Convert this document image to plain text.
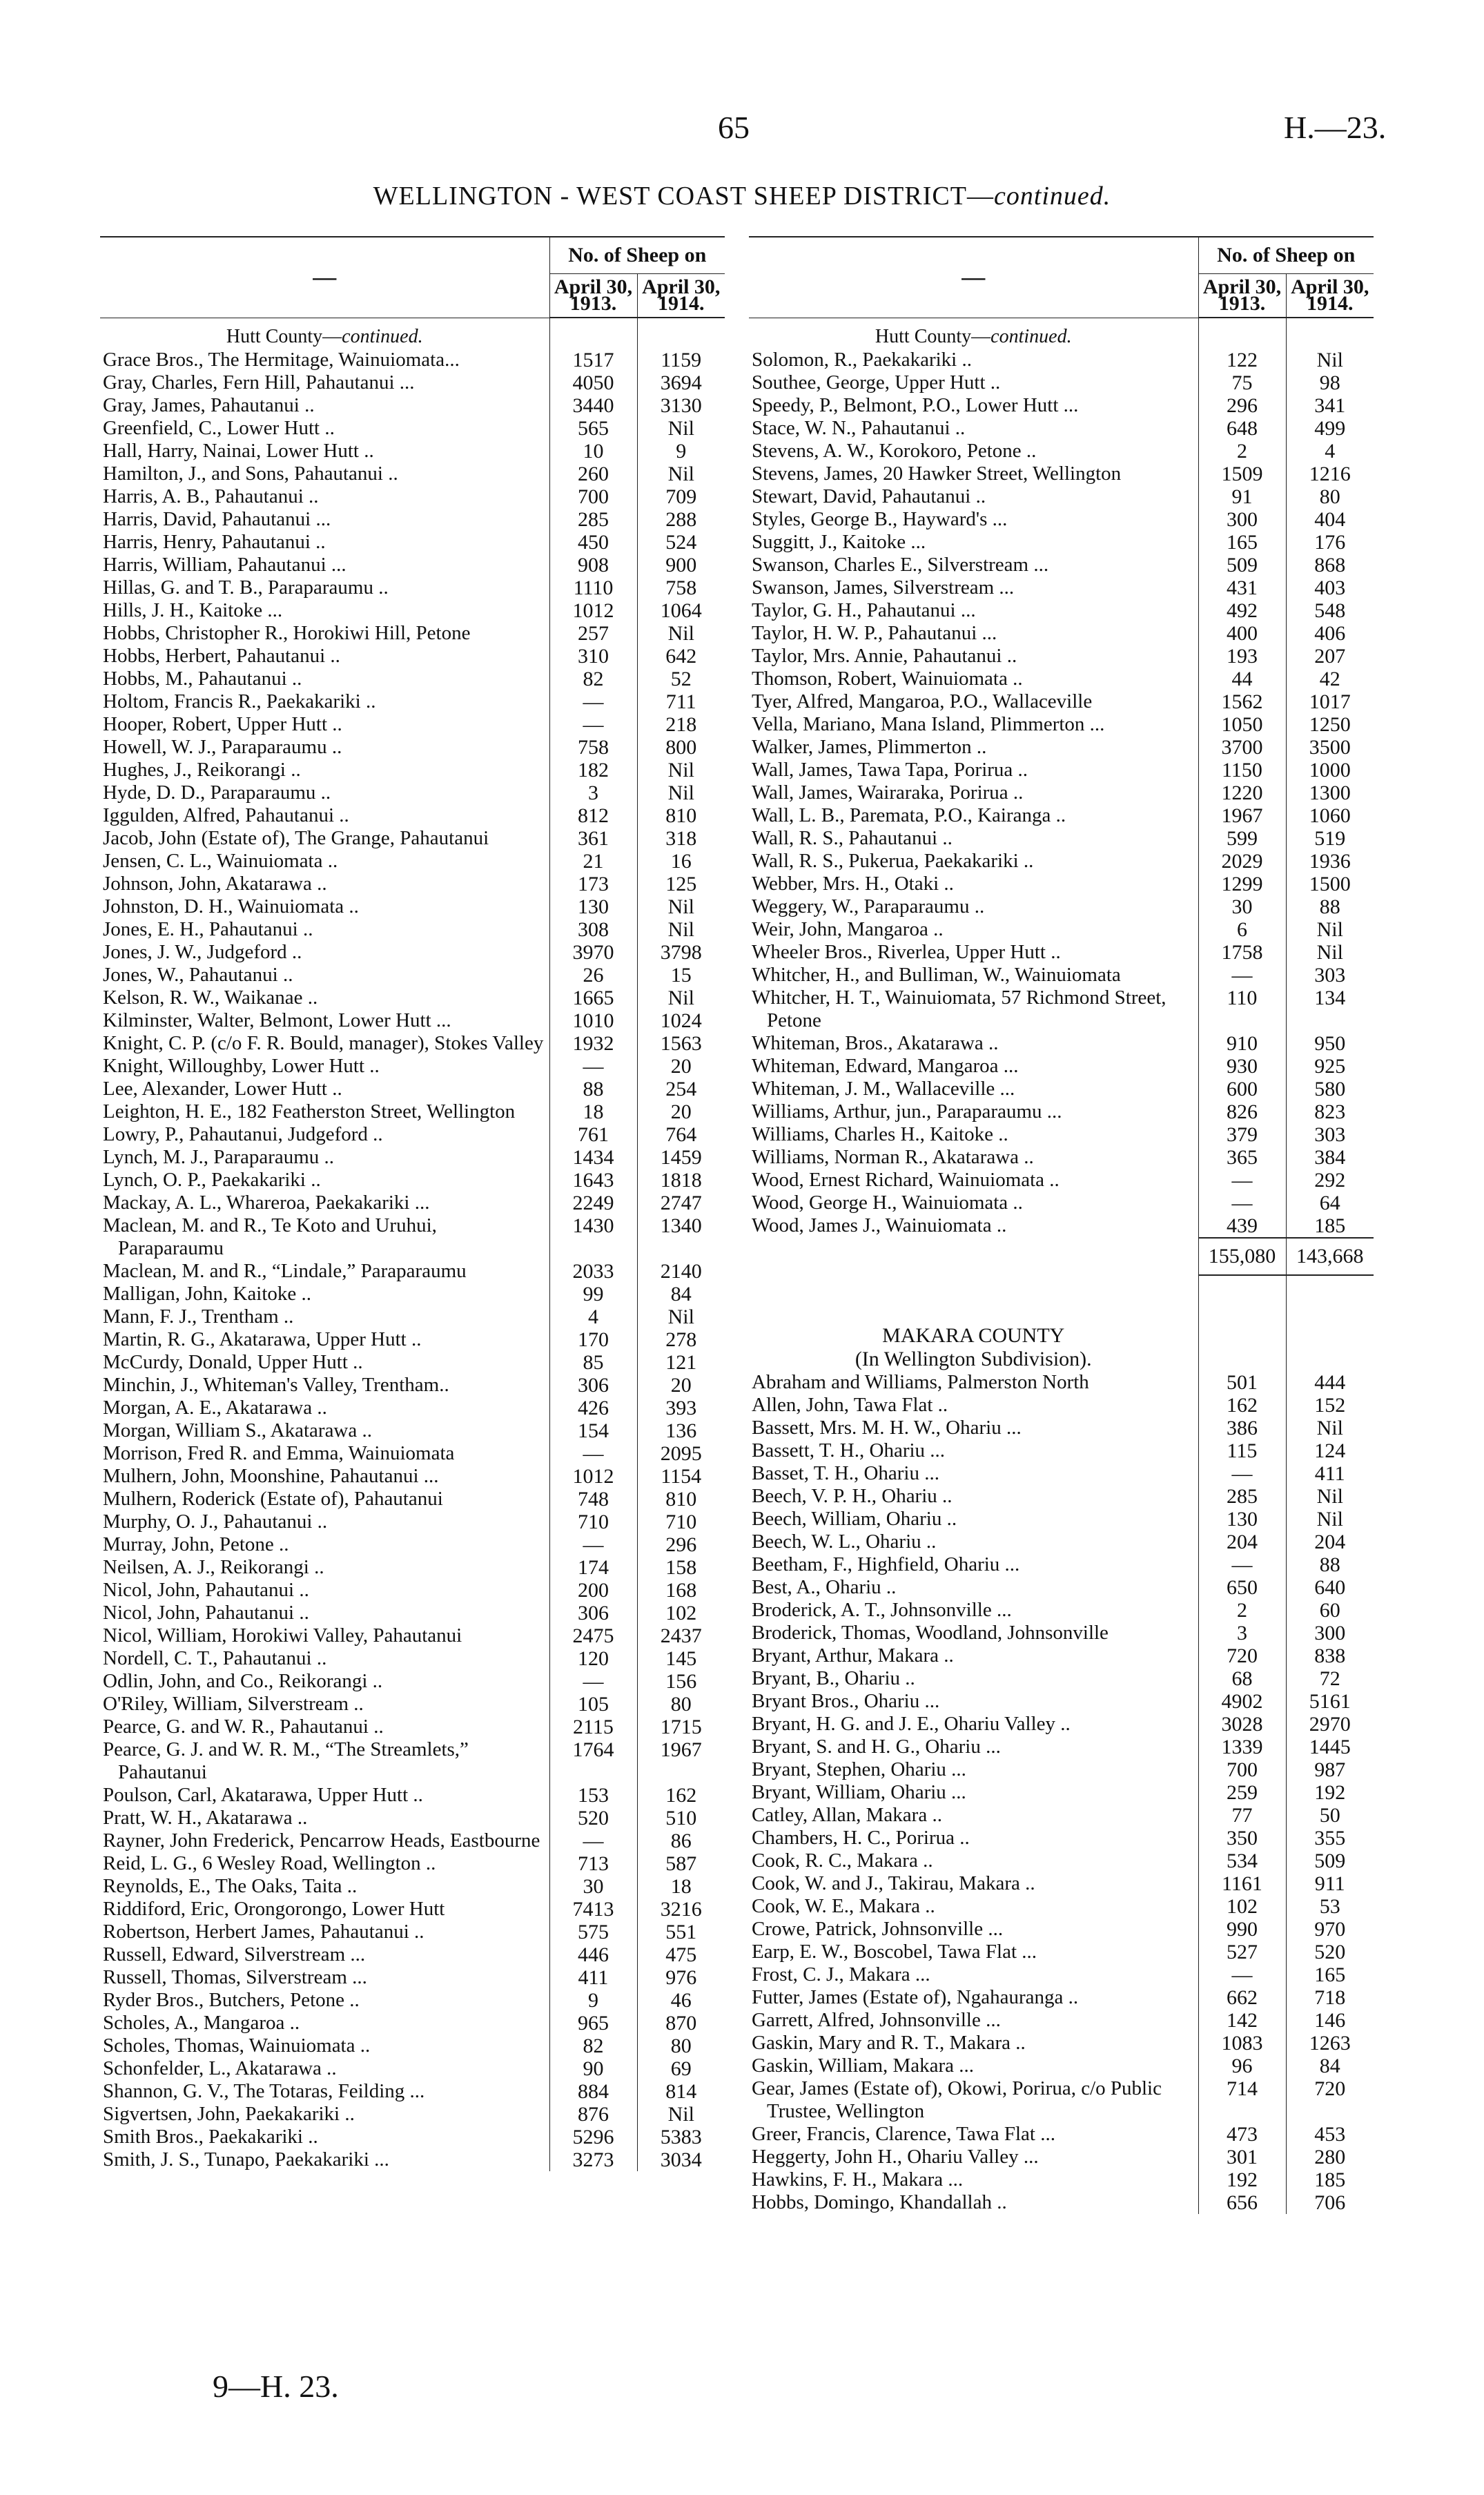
65	H.—23.
WELLINGTON - WEST COAST SHEEP DISTRICT—continued.
—	No. of Sheep on	
	April 30, 1913.	April 30, 1914.
Hutt County—continued.		
Grace Bros., The Hermitage, Wainuiomata...	1517	1159
Gray, Charles, Fern Hill, Pahautanui ...	4050	3694
Gray, James, Pahautanui ..	3440	3130
Greenfield, C., Lower Hutt ..	565	Nil
Hall, Harry, Nainai, Lower Hutt ..	10	9
Hamilton, J., and Sons, Pahautanui ..	260	Nil
Harris, A. B., Pahautanui ..	700	709
Harris, David, Pahautanui ...	285	288
Harris, Henry, Pahautanui ..	450	524
Harris, William, Pahautanui ...	908	900
Hillas, G. and T. B., Paraparaumu ..	1110	758
Hills, J. H., Kaitoke ...	1012	1064
Hobbs, Christopher R., Horokiwi Hill, Petone	257	Nil
Hobbs, Herbert, Pahautanui ..	310	642
Hobbs, M., Pahautanui ..	82	52
Holtom, Francis R., Paekakariki ..	—	711
Hooper, Robert, Upper Hutt ..	—	218
Howell, W. J., Paraparaumu ..	758	800
Hughes, J., Reikorangi ..	182	Nil
Hyde, D. D., Paraparaumu ..	3	Nil
Iggulden, Alfred, Pahautanui ..	812	810
Jacob, John (Estate of), The Grange, Pahautanui	361	318
Jensen, C. L., Wainuiomata ..	21	16
Johnson, John, Akatarawa ..	173	125
Johnston, D. H., Wainuiomata ..	130	Nil
Jones, E. H., Pahautanui ..	308	Nil
Jones, J. W., Judgeford ..	3970	3798
Jones, W., Pahautanui ..	26	15
Kelson, R. W., Waikanae ..	1665	Nil
Kilminster, Walter, Belmont, Lower Hutt ...	1010	1024
Knight, C. P. (c/o F. R. Bould, manager), Stokes Valley	1932	1563
Knight, Willoughby, Lower Hutt ..	—	20
Lee, Alexander, Lower Hutt ..	88	254
Leighton, H. E., 182 Featherston Street, Wellington	18	20
Lowry, P., Pahautanui, Judgeford ..	761	764
Lynch, M. J., Paraparaumu ..	1434	1459
Lynch, O. P., Paekakariki ..	1643	1818
Mackay, A. L., Whareroa, Paekakariki ...	2249	2747
Maclean, M. and R., Te Koto and Uruhui, Paraparaumu	1430	1340
Maclean, M. and R., “Lindale,” Paraparaumu	2033	2140
Malligan, John, Kaitoke ..	99	84
Mann, F. J., Trentham ..	4	Nil
Martin, R. G., Akatarawa, Upper Hutt ..	170	278
McCurdy, Donald, Upper Hutt ..	85	121
Minchin, J., Whiteman's Valley, Trentham..	306	20
Morgan, A. E., Akatarawa ..	426	393
Morgan, William S., Akatarawa ..	154	136
Morrison, Fred R. and Emma, Wainuiomata	—	2095
Mulhern, John, Moonshine, Pahautanui ...	1012	1154
Mulhern, Roderick (Estate of), Pahautanui	748	810
Murphy, O. J., Pahautanui ..	710	710
Murray, John, Petone ..	—	296
Neilsen, A. J., Reikorangi ..	174	158
Nicol, John, Pahautanui ..	200	168
Nicol, John, Pahautanui ..	306	102
Nicol, William, Horokiwi Valley, Pahautanui	2475	2437
Nordell, C. T., Pahautanui ..	120	145
Odlin, John, and Co., Reikorangi ..	—	156
O'Riley, William, Silverstream ..	105	80
Pearce, G. and W. R., Pahautanui ..	2115	1715
Pearce, G. J. and W. R. M., “The Streamlets,” Pahautanui	1764	1967
Poulson, Carl, Akatarawa, Upper Hutt ..	153	162
Pratt, W. H., Akatarawa ..	520	510
Rayner, John Frederick, Pencarrow Heads, Eastbourne	—	86
Reid, L. G., 6 Wesley Road, Wellington ..	713	587
Reynolds, E., The Oaks, Taita ..	30	18
Riddiford, Eric, Orongorongo, Lower Hutt	7413	3216
Robertson, Herbert James, Pahautanui ..	575	551
Russell, Edward, Silverstream ...	446	475
Russell, Thomas, Silverstream ...	411	976
Ryder Bros., Butchers, Petone ..	9	46
Scholes, A., Mangaroa ..	965	870
Scholes, Thomas, Wainuiomata ..	82	80
Schonfelder, L., Akatarawa ..	90	69
Shannon, G. V., The Totaras, Feilding ...	884	814
Sigvertsen, John, Paekakariki ..	876	Nil
Smith Bros., Paekakariki ..	5296	5383
Smith, J. S., Tunapo, Paekakariki ...	3273	3034
—	No. of Sheep on	
	April 30, 1913.	April 30, 1914.
Hutt County—continued.		
Solomon, R., Paekakariki ..	122	Nil
Southee, George, Upper Hutt ..	75	98
Speedy, P., Belmont, P.O., Lower Hutt ...	296	341
Stace, W. N., Pahautanui ..	648	499
Stevens, A. W., Korokoro, Petone ..	2	4
Stevens, James, 20 Hawker Street, Wellington	1509	1216
Stewart, David, Pahautanui ..	91	80
Styles, George B., Hayward's ...	300	404
Suggitt, J., Kaitoke ...	165	176
Swanson, Charles E., Silverstream ...	509	868
Swanson, James, Silverstream ...	431	403
Taylor, G. H., Pahautanui ...	492	548
Taylor, H. W. P., Pahautanui ...	400	406
Taylor, Mrs. Annie, Pahautanui ..	193	207
Thomson, Robert, Wainuiomata ..	44	42
Tyer, Alfred, Mangaroa, P.O., Wallaceville	1562	1017
Vella, Mariano, Mana Island, Plimmerton ...	1050	1250
Walker, James, Plimmerton ..	3700	3500
Wall, James, Tawa Tapa, Porirua ..	1150	1000
Wall, James, Wairaraka, Porirua ..	1220	1300
Wall, L. B., Paremata, P.O., Kairanga ..	1967	1060
Wall, R. S., Pahautanui ..	599	519
Wall, R. S., Pukerua, Paekakariki ..	2029	1936
Webber, Mrs. H., Otaki ..	1299	1500
Weggery, W., Paraparaumu ..	30	88
Weir, John, Mangaroa ..	6	Nil
Wheeler Bros., Riverlea, Upper Hutt ..	1758	Nil
Whitcher, H., and Bulliman, W., Wainuiomata	—	303
Whitcher, H. T., Wainuiomata, 57 Richmond Street, Petone	110	134
Whiteman, Bros., Akatarawa ..	910	950
Whiteman, Edward, Mangaroa ...	930	925
Whiteman, J. M., Wallaceville ...	600	580
Williams, Arthur, jun., Paraparaumu ...	826	823
Williams, Charles H., Kaitoke ..	379	303
Williams, Norman R., Akatarawa ..	365	384
Wood, Ernest Richard, Wainuiomata ..	—	292
Wood, George H., Wainuiomata ..	—	64
Wood, James J., Wainuiomata ..	439	185
	155,080	143,668

MAKARA COUNTY		
(In Wellington Subdivision).		
Abraham and Williams, Palmerston North	501	444
Allen, John, Tawa Flat ..	162	152
Bassett, Mrs. M. H. W., Ohariu ...	386	Nil
Bassett, T. H., Ohariu ...	115	124
Basset, T. H., Ohariu ...	—	411
Beech, V. P. H., Ohariu ..	285	Nil
Beech, William, Ohariu ..	130	Nil
Beech, W. L., Ohariu ..	204	204
Beetham, F., Highfield, Ohariu ...	—	88
Best, A., Ohariu ..	650	640
Broderick, A. T., Johnsonville ...	2	60
Broderick, Thomas, Woodland, Johnsonville	3	300
Bryant, Arthur, Makara ..	720	838
Bryant, B., Ohariu ..	68	72
Bryant Bros., Ohariu ...	4902	5161
Bryant, H. G. and J. E., Ohariu Valley ..	3028	2970
Bryant, S. and H. G., Ohariu ...	1339	1445
Bryant, Stephen, Ohariu ...	700	987
Bryant, William, Ohariu ...	259	192
Catley, Allan, Makara ..	77	50
Chambers, H. C., Porirua ..	350	355
Cook, R. C., Makara ..	534	509
Cook, W. and J., Takirau, Makara ..	1161	911
Cook, W. E., Makara ..	102	53
Crowe, Patrick, Johnsonville ...	990	970
Earp, E. W., Boscobel, Tawa Flat ...	527	520
Frost, C. J., Makara ...	—	165
Futter, James (Estate of), Ngahauranga ..	662	718
Garrett, Alfred, Johnsonville ...	142	146
Gaskin, Mary and R. T., Makara ..	1083	1263
Gaskin, William, Makara ...	96	84
Gear, James (Estate of), Okowi, Porirua, c/o Public Trustee, Wellington	714	720
Greer, Francis, Clarence, Tawa Flat ...	473	453
Heggerty, John H., Ohariu Valley ...	301	280
Hawkins, F. H., Makara ...	192	185
Hobbs, Domingo, Khandallah ..	656	706
9—H. 23.
